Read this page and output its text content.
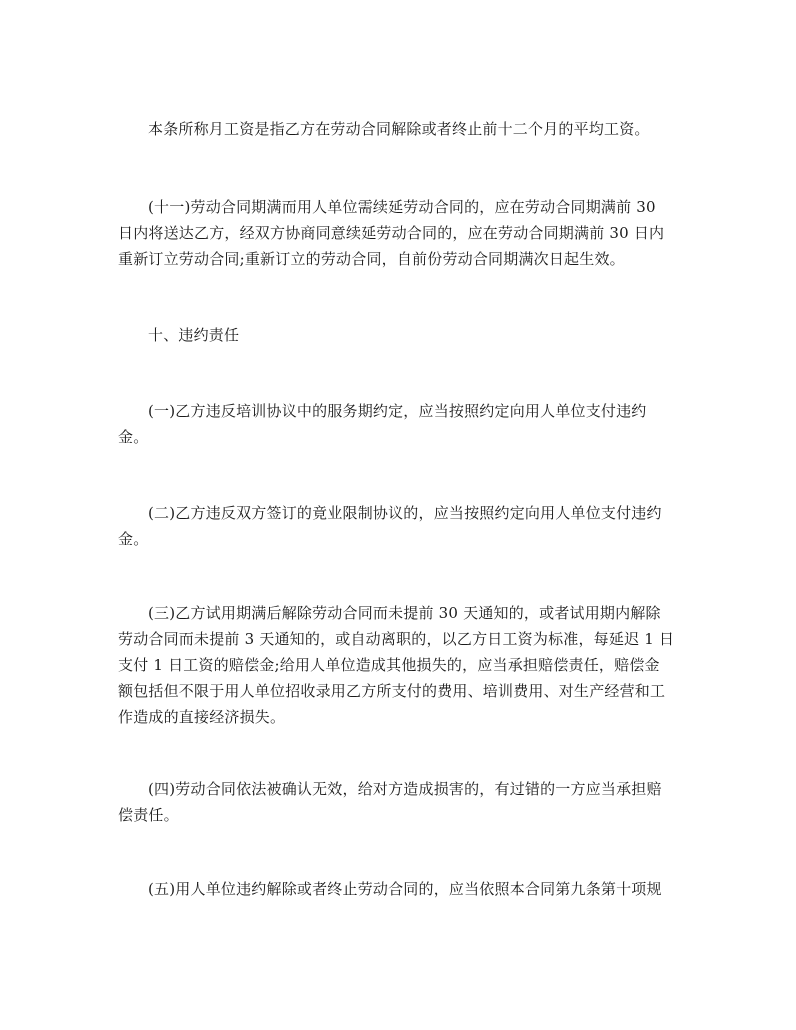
本条所称月工资是指乙方在劳动合同解除或者终止前十二个月的平均工资。
(十一)劳动合同期满而用人单位需续延劳动合同的，应在劳动合同期满前 30
日内将送达乙方，经双方协商同意续延劳动合同的，应在劳动合同期满前 30 日内
重新订立劳动合同;重新订立的劳动合同，自前份劳动合同期满次日起生效。
十、违约责任
(一)乙方违反培训协议中的服务期约定，应当按照约定向用人单位支付违约
金。
(二)乙方违反双方签订的竟业限制协议的，应当按照约定向用人单位支付违约
金。
(三)乙方试用期满后解除劳动合同而未提前 30 天通知的，或者试用期内解除
劳动合同而未提前 3 天通知的，或自动离职的，以乙方日工资为标准，每延迟 1 日
支付 1 日工资的赔偿金;给用人单位造成其他损失的，应当承担赔偿责任，赔偿金
额包括但不限于用人单位招收录用乙方所支付的费用、培训费用、对生产经营和工
作造成的直接经济损失。
(四)劳动合同依法被确认无效，给对方造成损害的，有过错的一方应当承担赔
偿责任。
(五)用人单位违约解除或者终止劳动合同的，应当依照本合同第九条第十项规
